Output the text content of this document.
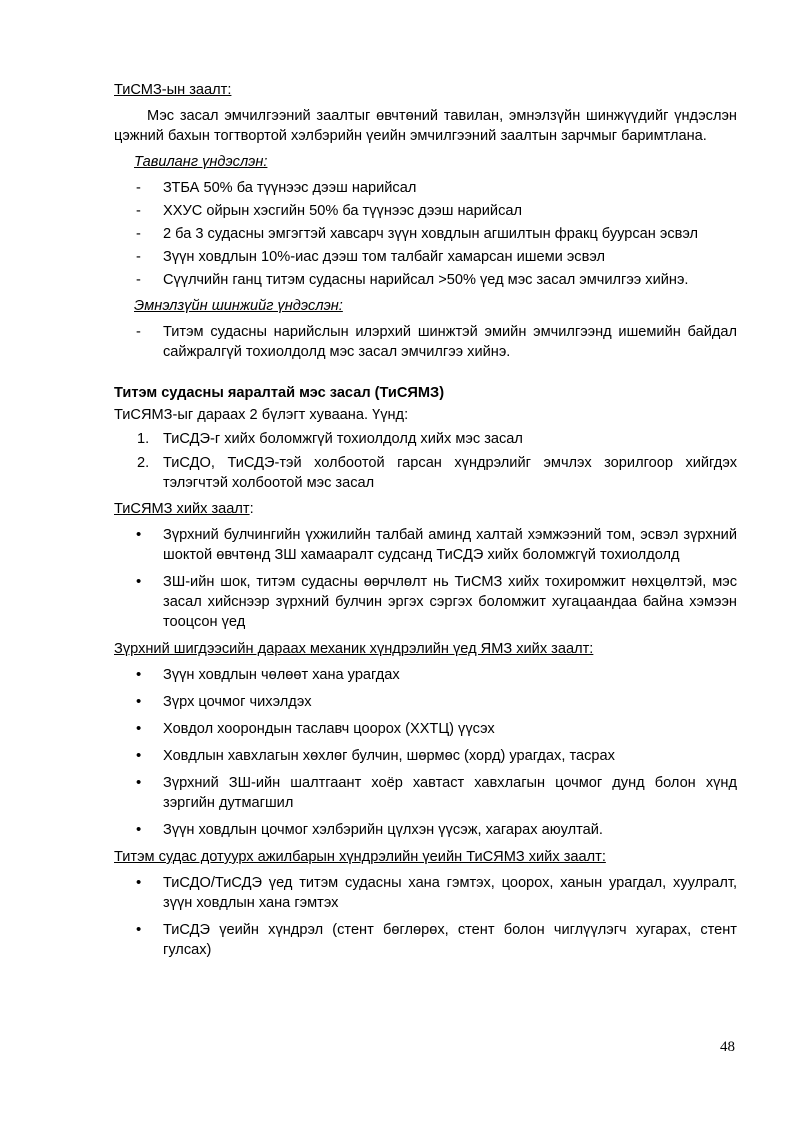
ТиСМЗ-ын заалт:

Мэс засал эмчилгээний заалтыг өвчтөний тавилан, эмнэлзүйн шинжүүдийг үндэслэн цэжний бахын тогтвортой хэлбэрийн үеийн эмчилгээний заалтын зарчмыг баримтлана.

Тавиланг үндэслэн:

- ЗТБА 50% ба түүнээс дээш нарийсал
- ХХУС ойрын хэсгийн 50% ба түүнээс дээш нарийсал
- 2 ба 3 судасны эмгэгтэй хавсарч зүүн ховдлын агшилтын фракц буурсан эсвэл
- Зүүн ховдлын 10%-иас дээш том талбайг хамарсан ишеми эсвэл
- Сүүлчийн ганц титэм судасны нарийсал >50% үед мэс засал эмчилгээ хийнэ.

Эмнэлзүйн шинжийг үндэслэн:

- Титэм судасны нарийслын илэрхий шинжтэй эмийн эмчилгээнд ишемийн байдал сайжралгүй тохиолдолд мэс засал эмчилгээ хийнэ.

Титэм судасны яаралтай мэс засал (ТиСЯМЗ)

ТиСЯМЗ-ыг дараах 2 бүлэгт хуваана. Үүнд:

1. ТиСДЭ-г хийх боломжгүй тохиолдолд хийх мэс засал
2. ТиСДО, ТиСДЭ-тэй холбоотой гарсан хүндрэлийг эмчлэх зорилгоор хийгдэх тэлэгчтэй холбоотой мэс засал

ТиСЯМЗ хийх заалт:

• Зүрхний булчингийн үхжилийн талбай аминд халтай хэмжээний том, эсвэл зүрхний шоктой өвчтөнд ЗШ хамааралт судсанд ТиСДЭ хийх боломжгүй тохиолдолд
• ЗШ-ийн шок, титэм судасны өөрчлөлт нь ТиСМЗ хийх тохиромжит нөхцөлтэй, мэс засал хийснээр зүрхний булчин эргэх сэргэх боломжит хугацаандаа байна хэмээн тооцсон үед

Зүрхний шигдээсийн дараах механик хүндрэлийн үед ЯМЗ хийх заалт:

• Зүүн ховдлын чөлөөт хана урагдах
• Зүрх цочмог чихэлдэх
• Ховдол хоорондын таславч цоорох (ХХТЦ) үүсэх
• Ховдлын хавхлагын хөхлөг булчин, шөрмөс (хорд) урагдах, тасрах
• Зүрхний ЗШ-ийн шалтгаант хоёр хавтаст хавхлагын цочмог дунд болон хүнд зэргийн дутмагшил
• Зүүн ховдлын цочмог хэлбэрийн цүлхэн үүсэж, хагарах аюултай.

Титэм судас дотуурх ажилбарын хүндрэлийн үеийн ТиСЯМЗ хийх заалт:

• ТиСДО/ТиСДЭ үед титэм судасны хана гэмтэх, цоорох, ханын урагдал, хуулралт, зүүн ховдлын хана гэмтэх
• ТиСДЭ үеийн хүндрэл (стент бөглөрөх, стент болон чиглүүлэгч хугарах, стент гулсах)
48
